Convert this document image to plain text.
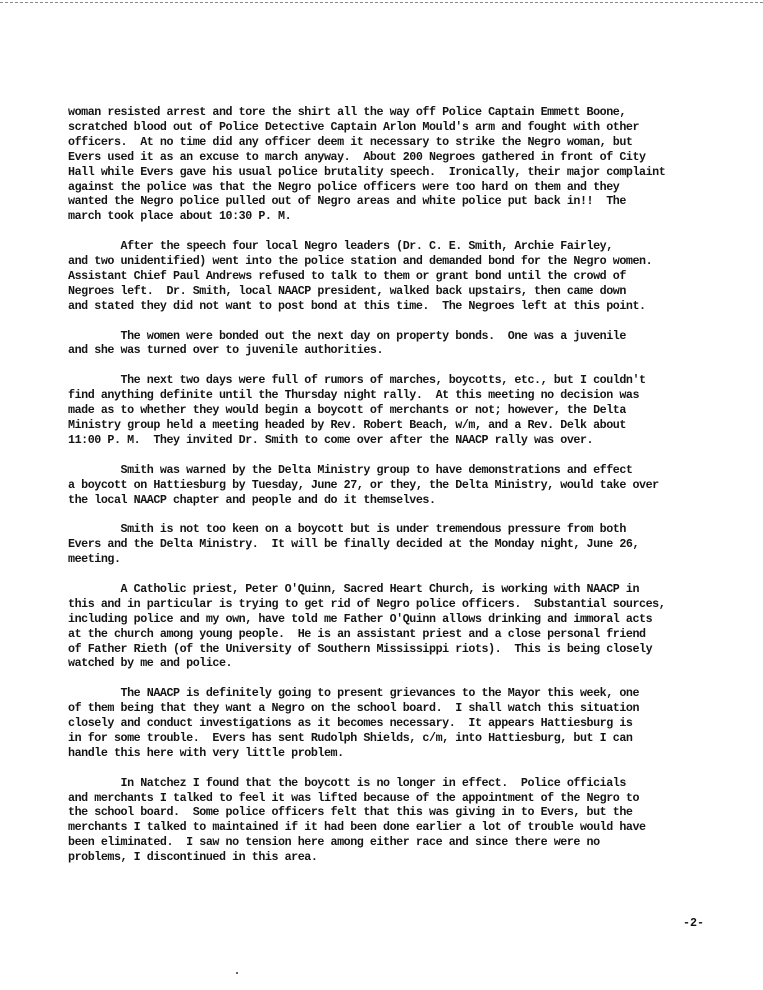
woman resisted arrest and tore the shirt all the way off Police Captain Emmett Boone,
scratched blood out of Police Detective Captain Arlon Mould's arm and fought with other
officers.  At no time did any officer deem it necessary to strike the Negro woman, but
Evers used it as an excuse to march anyway.  About 200 Negroes gathered in front of City
Hall while Evers gave his usual police brutality speech.  Ironically, their major complaint
against the police was that the Negro police officers were too hard on them and they
wanted the Negro police pulled out of Negro areas and white police put back in!!  The
march took place about 10:30 P. M.
After the speech four local Negro leaders (Dr. C. E. Smith, Archie Fairley,
and two unidentified) went into the police station and demanded bond for the Negro women.
Assistant Chief Paul Andrews refused to talk to them or grant bond until the crowd of
Negroes left.  Dr. Smith, local NAACP president, walked back upstairs, then came down
and stated they did not want to post bond at this time.  The Negroes left at this point.
The women were bonded out the next day on property bonds.  One was a juvenile
and she was turned over to juvenile authorities.
The next two days were full of rumors of marches, boycotts, etc., but I couldn't
find anything definite until the Thursday night rally.  At this meeting no decision was
made as to whether they would begin a boycott of merchants or not; however, the Delta
Ministry group held a meeting headed by Rev. Robert Beach, w/m, and a Rev. Delk about
11:00 P. M.  They invited Dr. Smith to come over after the NAACP rally was over.
Smith was warned by the Delta Ministry group to have demonstrations and effect
a boycott on Hattiesburg by Tuesday, June 27, or they, the Delta Ministry, would take over
the local NAACP chapter and people and do it themselves.
Smith is not too keen on a boycott but is under tremendous pressure from both
Evers and the Delta Ministry.  It will be finally decided at the Monday night, June 26,
meeting.
A Catholic priest, Peter O'Quinn, Sacred Heart Church, is working with NAACP in
this and in particular is trying to get rid of Negro police officers.  Substantial sources,
including police and my own, have told me Father O'Quinn allows drinking and immoral acts
at the church among young people.  He is an assistant priest and a close personal friend
of Father Rieth (of the University of Southern Mississippi riots).  This is being closely
watched by me and police.
The NAACP is definitely going to present grievances to the Mayor this week, one
of them being that they want a Negro on the school board.  I shall watch this situation
closely and conduct investigations as it becomes necessary.  It appears Hattiesburg is
in for some trouble.  Evers has sent Rudolph Shields, c/m, into Hattiesburg, but I can
handle this here with very little problem.
In Natchez I found that the boycott is no longer in effect.  Police officials
and merchants I talked to feel it was lifted because of the appointment of the Negro to
the school board.  Some police officers felt that this was giving in to Evers, but the
merchants I talked to maintained if it had been done earlier a lot of trouble would have
been eliminated.  I saw no tension here among either race and since there were no
problems, I discontinued in this area.
-2-
